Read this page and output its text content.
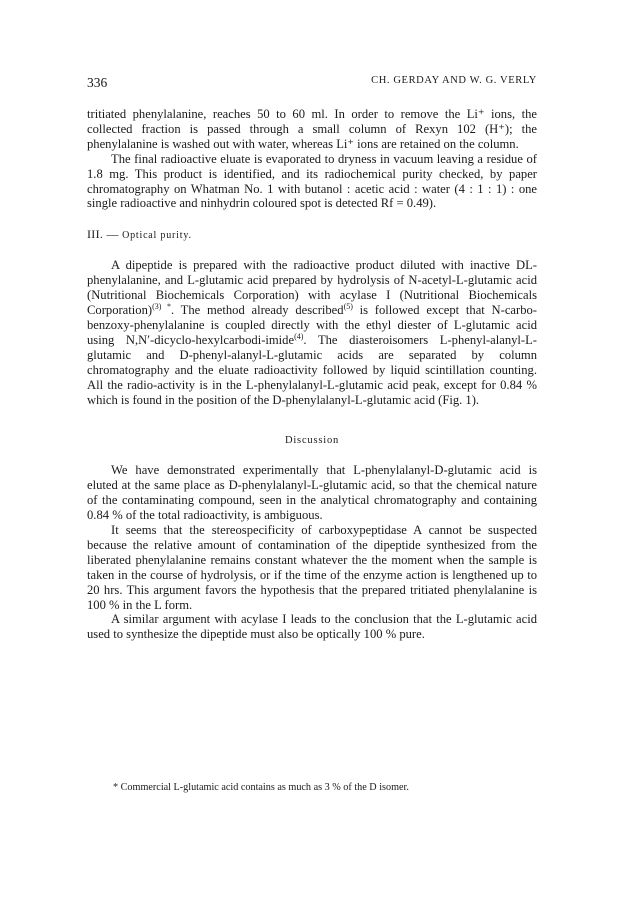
336	CH. GERDAY AND W. G. VERLY

tritiated phenylalanine, reaches 50 to 60 ml. In order to remove the Li⁺ ions, the collected fraction is passed through a small column of Rexyn 102 (H⁺); the phenylalanine is washed out with water, whereas Li⁺ ions are retained on the column.

The final radioactive eluate is evaporated to dryness in vacuum leaving a residue of 1.8 mg. This product is identified, and its radiochemical purity checked, by paper chromatography on Whatman No. 1 with butanol : acetic acid : water (4 : 1 : 1) : one single radioactive and ninhydrin coloured spot is detected Rf = 0.49).

III. — Optical purity.

A dipeptide is prepared with the radioactive product diluted with inactive DL-phenylalanine, and L-glutamic acid prepared by hydrolysis of N-acetyl-L-glutamic acid (Nutritional Biochemicals Corporation) with acylase I (Nutritional Biochemicals Corporation)$^{(3)}$ *. The method already described$^{(5)}$ is followed except that N-carbo-benzoxy-phenylalanine is coupled directly with the ethyl diester of L-glutamic acid using N,N′-dicyclo-hexylcarbodi-imide$^{(4)}$. The diasteroisomers L-phenyl-alanyl-L-glutamic and D-phenyl-alanyl-L-glutamic acids are separated by column chromatography and the eluate radioactivity followed by liquid scintillation counting. All the radio-activity is in the L-phenylalanyl-L-glutamic acid peak, except for 0.84 % which is found in the position of the D-phenylalanyl-L-glutamic acid (Fig. 1).

Discussion

We have demonstrated experimentally that L-phenylalanyl-D-glutamic acid is eluted at the same place as D-phenylalanyl-L-glutamic acid, so that the chemical nature of the contaminating compound, seen in the analytical chromatography and containing 0.84 % of the total radioactivity, is ambiguous.

It seems that the stereospecificity of carboxypeptidase A cannot be suspected because the relative amount of contamination of the dipeptide synthesized from the liberated phenylalanine remains constant whatever the the moment when the sample is taken in the course of hydrolysis, or if the time of the enzyme action is lengthened up to 20 hrs. This argument favors the hypothesis that the prepared tritiated phenylalanine is 100 % in the L form.

A similar argument with acylase I leads to the conclusion that the L-glutamic acid used to synthesize the dipeptide must also be optically 100 % pure.

* Commercial L-glutamic acid contains as much as 3 % of the D isomer.
